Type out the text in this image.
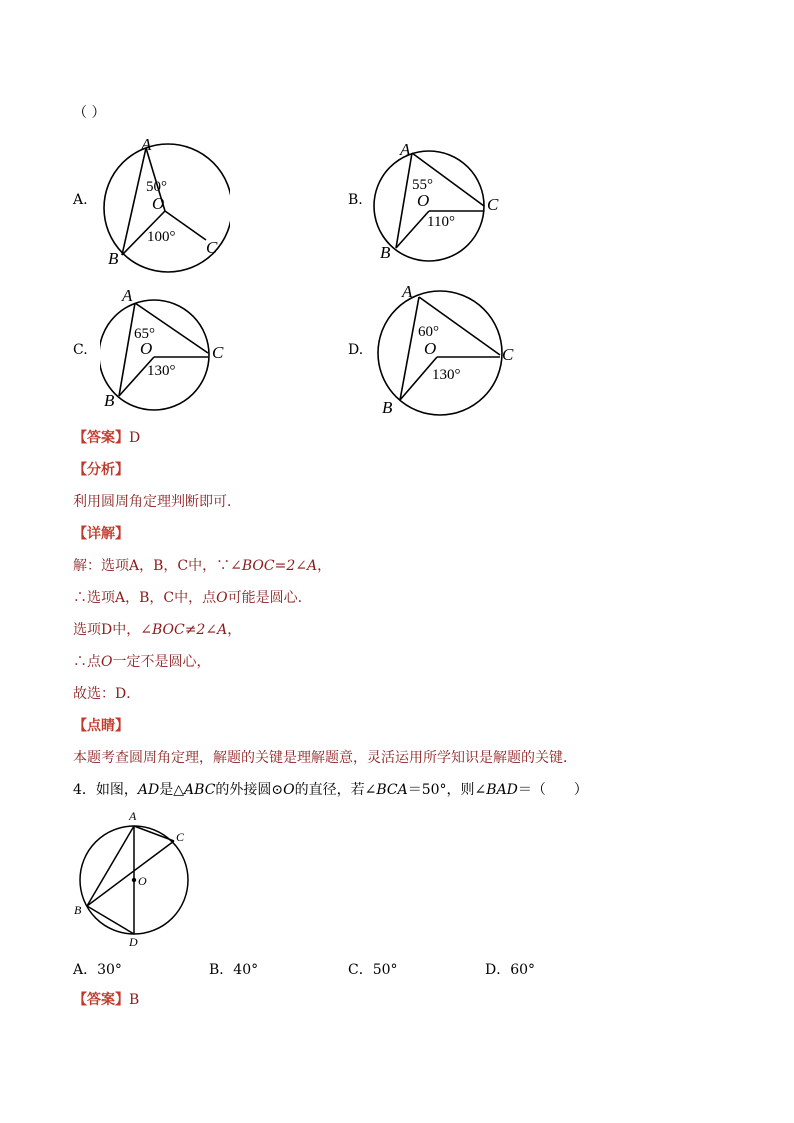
（ ）
A.
A
B
C
O
50°
100°
B.
A
B
C
O
55°
110°
C.
A
B
C
O
65°
130°
D.
A
B
C
O
60°
130°
【答案】D
【分析】
利用圆周角定理判断即可．
【详解】
解：选项A，B，C中，∵∠BOC=2∠A，
∴选项A，B，C中，点O可能是圆心．
选项D中，∠BOC≠2∠A，
∴点O一定不是圆心，
故选：D．
【点睛】
本题考查圆周角定理，解题的关键是理解题意，灵活运用所学知识是解题的关键．
4．如图，AD是△ABC的外接圆⊙O的直径，若∠BCA＝50°，则∠BAD＝（　　）
A
C
O
B
D
A．30°	B．40°	C．50°	D．60°
【答案】B
